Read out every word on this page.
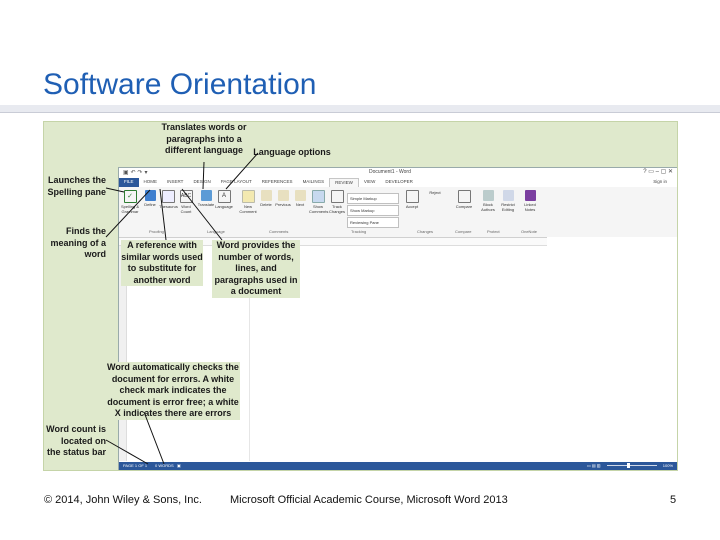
Software Orientation
▣ ↶ ↷ ▾	Document1 - Word	? ▭ – ▢ ✕
FILE	HOME	INSERT	DESIGN	PAGE LAYOUT	REFERENCES	MAILINGS	REVIEW	VIEW	DEVELOPER	Sign in
✓
Spelling & Grammar
Define Thesaurus
ABC
Word Count
Translate
A
Language	New Comment
Delete Previous	Next	Show Comments
Track Changes
Simple Markup
Show Markup
Reviewing Pane
Accept
Reject
Compare	Block Authors
Restrict Editing
Linked Notes
Proofing	Language	Comments	Tracking	Changes	Compare	Protect	OneNote
PAGE 1 OF 1 0 WORDS ▣	▭ ▤ ▥	100%
Translates words or paragraphs into a different language	Language options
Launches the Spelling pane
Finds the meaning of a word
A reference with similar words used to substitute for another word
Word provides the number of words, lines, and paragraphs used in a document
Word automatically checks the document for errors. A white check mark indicates the document is error free; a white X indicates there are errors
Word count is located on the status bar
© 2014, John Wiley & Sons, Inc.	Microsoft Official Academic Course, Microsoft Word 2013	5
